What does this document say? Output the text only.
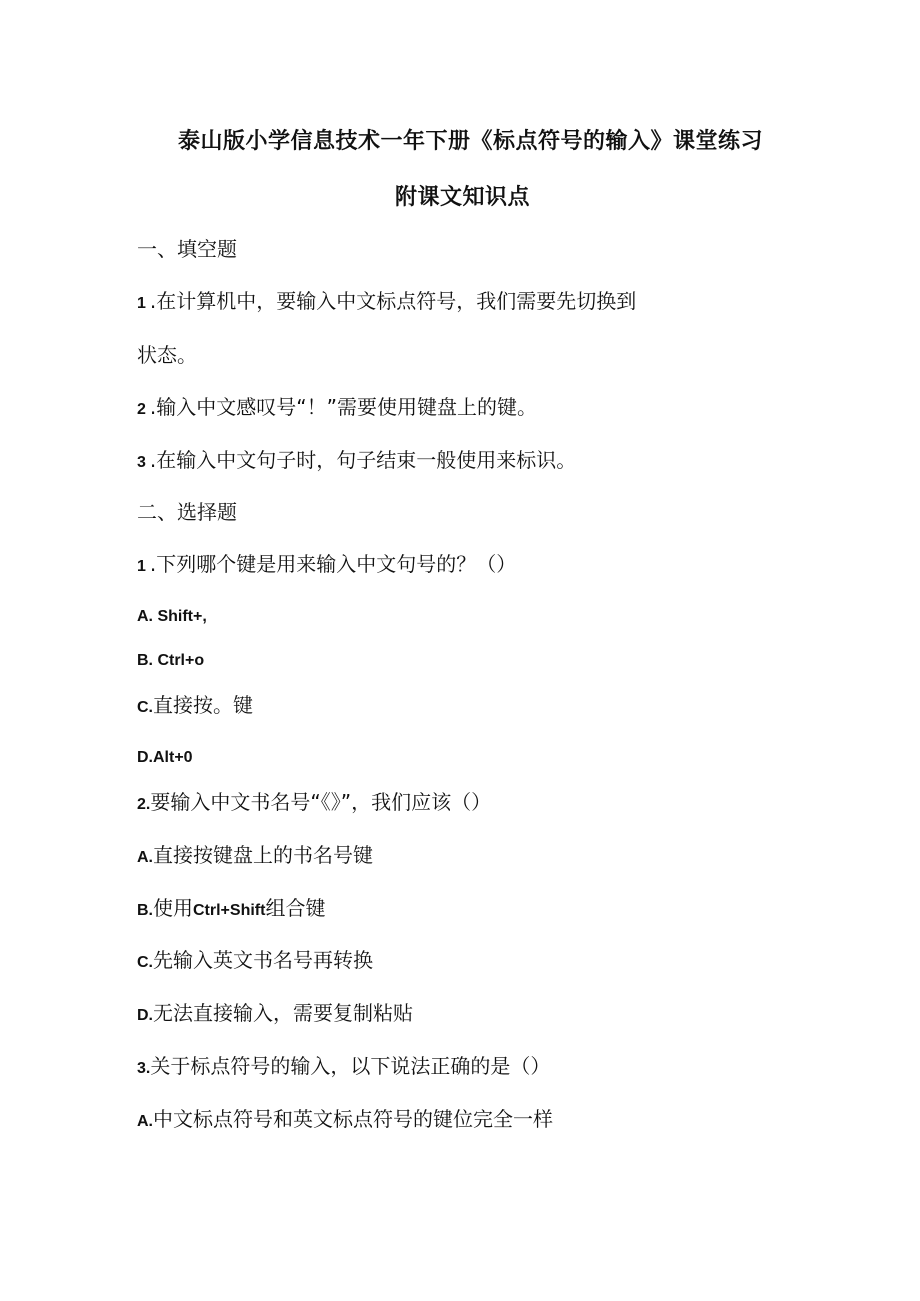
泰山版小学信息技术一年下册《标点符号的输入》课堂练习
附课文知识点
一、填空题
1 .在计算机中，要输入中文标点符号，我们需要先切换到
状态。
2 .输入中文感叹号“！”需要使用键盘上的键。
3 .在输入中文句子时，句子结束一般使用来标识。
二、选择题
1 .下列哪个键是用来输入中文句号的？（）
A. Shift+,
B. Ctrl+o
C.直接按。键
D.Alt+0
2.要输入中文书名号“《》”，我们应该（）
A.直接按键盘上的书名号键
B.使用Ctrl+Shift组合键
C.先输入英文书名号再转换
D.无法直接输入，需要复制粘贴
3.关于标点符号的输入，以下说法正确的是（）
A.中文标点符号和英文标点符号的键位完全一样
